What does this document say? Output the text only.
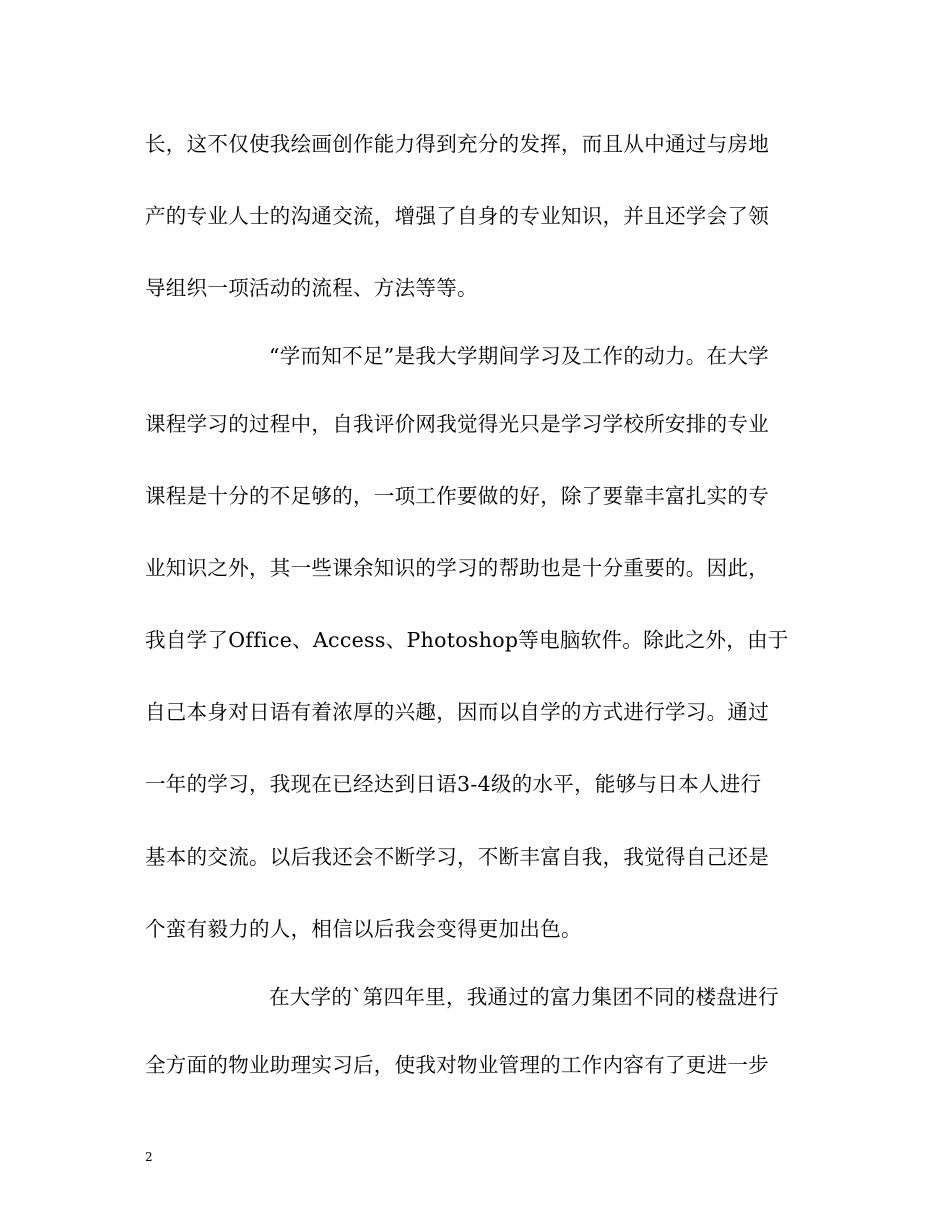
长，这不仅使我绘画创作能力得到充分的发挥，而且从中通过与房地
产的专业人士的沟通交流，增强了自身的专业知识，并且还学会了领
导组织一项活动的流程、方法等等。
“学而知不足”是我大学期间学习及工作的动力。在大学
课程学习的过程中，自我评价网我觉得光只是学习学校所安排的专业
课程是十分的不足够的，一项工作要做的好，除了要靠丰富扎实的专
业知识之外，其一些课余知识的学习的帮助也是十分重要的。因此，
我自学了Office、Access、Photoshop等电脑软件。除此之外，由于
自己本身对日语有着浓厚的兴趣，因而以自学的方式进行学习。通过
一年的学习，我现在已经达到日语3-4级的水平，能够与日本人进行
基本的交流。以后我还会不断学习，不断丰富自我，我觉得自己还是
个蛮有毅力的人，相信以后我会变得更加出色。
在大学的`第四年里，我通过的富力集团不同的楼盘进行
全方面的物业助理实习后，使我对物业管理的工作内容有了更进一步
2
